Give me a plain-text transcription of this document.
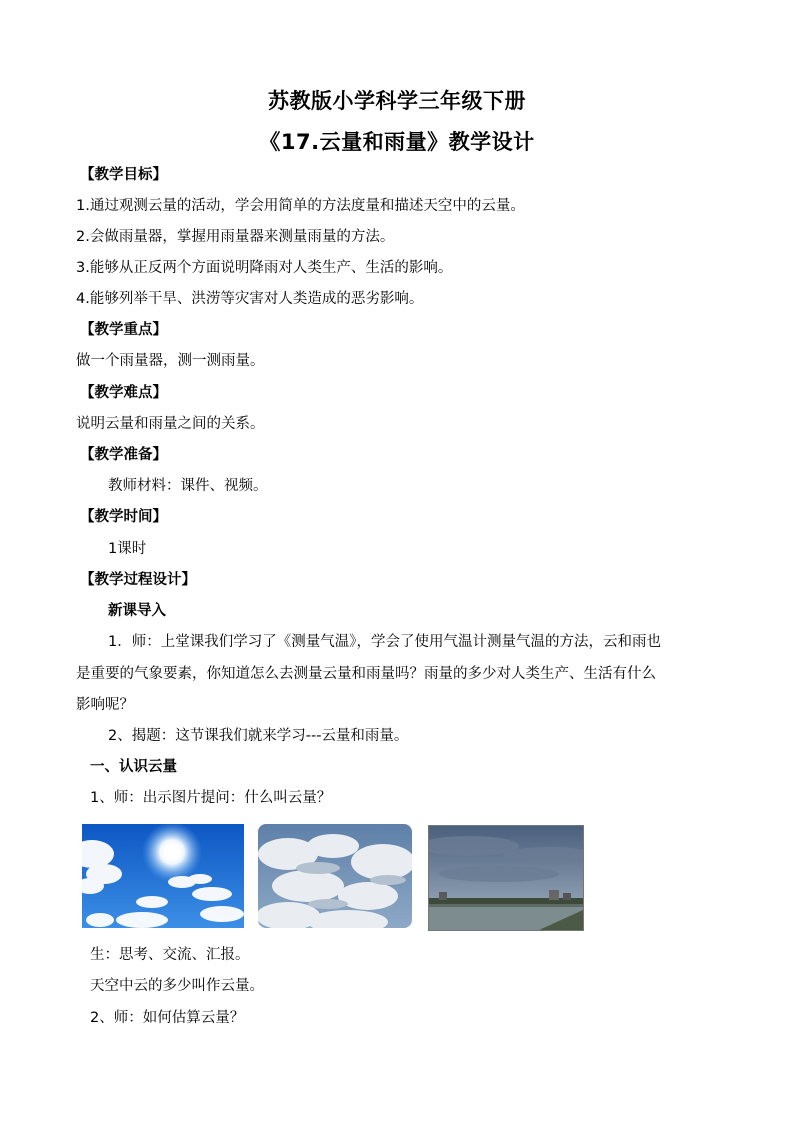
苏教版小学科学三年级下册
《17.云量和雨量》教学设计
【教学目标】
1.通过观测云量的活动，学会用简单的方法度量和描述天空中的云量。
2.会做雨量器，掌握用雨量器来测量雨量的方法。
3.能够从正反两个方面说明降雨对人类生产、生活的影响。
4.能够列举干旱、洪涝等灾害对人类造成的恶劣影响。
【教学重点】
做一个雨量器，测一测雨量。
【教学难点】
说明云量和雨量之间的关系。
【教学准备】
教师材料：课件、视频。
【教学时间】
1课时
【教学过程设计】
新课导入
1．师：上堂课我们学习了《测量气温》，学会了使用气温计测量气温的方法，云和雨也
是重要的气象要素，你知道怎么去测量云量和雨量吗？雨量的多少对人类生产、生活有什么
影响呢？
2、揭题：这节课我们就来学习---云量和雨量。
一、认识云量
1、师：出示图片提问：什么叫云量？
生：思考、交流、汇报。
天空中云的多少叫作云量。
2、师：如何估算云量？
